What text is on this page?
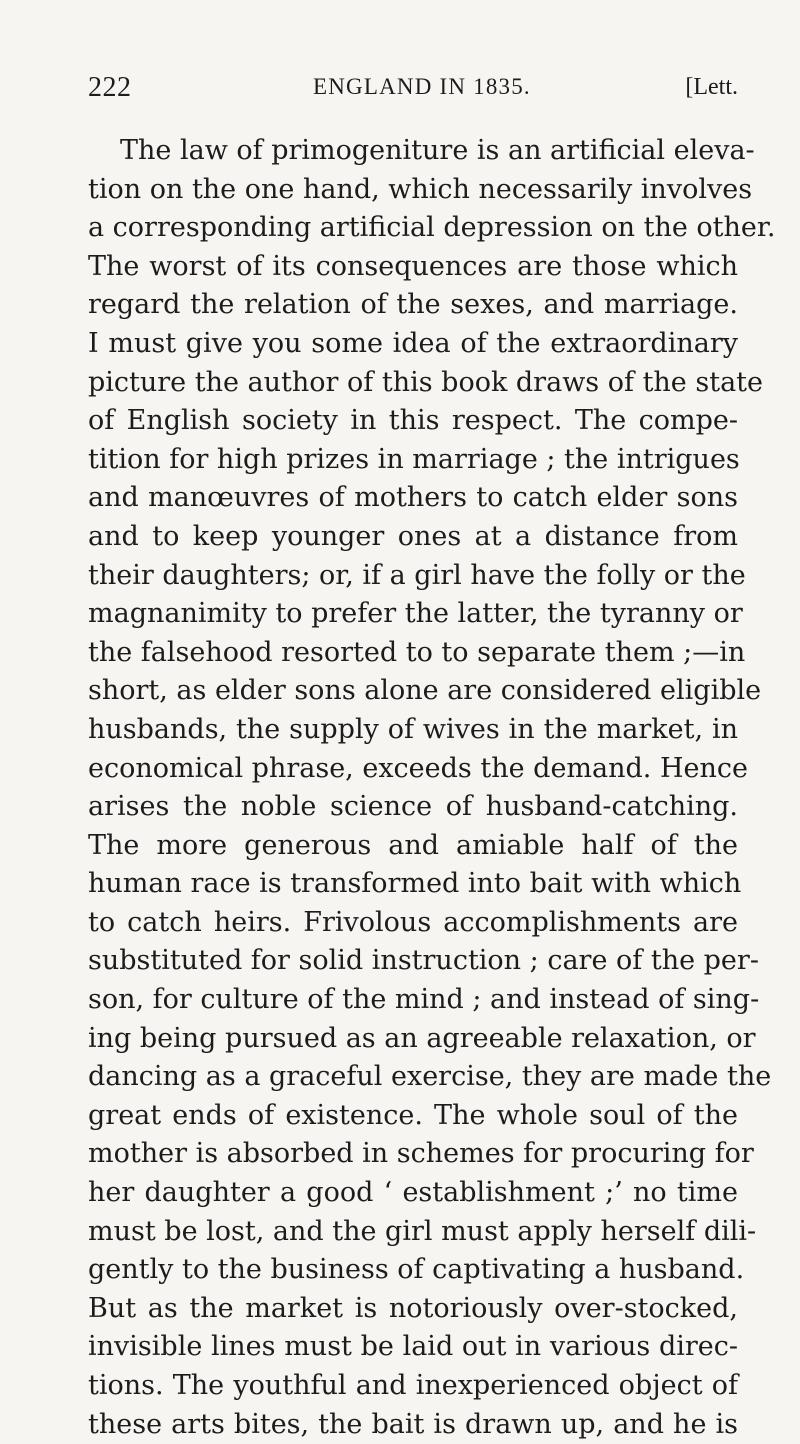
222	ENGLAND IN 1835.	[Lett.
The law of primogeniture is an artificial eleva-
tion on the one hand, which necessarily involves
a corresponding artificial depression on the other.
The worst of its consequences are those which
regard the relation of the sexes, and marriage.
I must give you some idea of the extraordinary
picture the author of this book draws of the state
of English society in this respect. The compe-
tition for high prizes in marriage ; the intrigues
and manœuvres of mothers to catch elder sons
and to keep younger ones at a distance from
their daughters; or, if a girl have the folly or the
magnanimity to prefer the latter, the tyranny or
the falsehood resorted to to separate them ;—in
short, as elder sons alone are considered eligible
husbands, the supply of wives in the market, in
economical phrase, exceeds the demand. Hence
arises the noble science of husband-catching.
The more generous and amiable half of the
human race is transformed into bait with which
to catch heirs. Frivolous accomplishments are
substituted for solid instruction ; care of the per-
son, for culture of the mind ; and instead of sing-
ing being pursued as an agreeable relaxation, or
dancing as a graceful exercise, they are made the
great ends of existence. The whole soul of the
mother is absorbed in schemes for procuring for
her daughter a good ‘ establishment ;’ no time
must be lost, and the girl must apply herself dili-
gently to the business of captivating a husband.
But as the market is notoriously over-stocked,
invisible lines must be laid out in various direc-
tions. The youthful and inexperienced object of
these arts bites, the bait is drawn up, and he is
